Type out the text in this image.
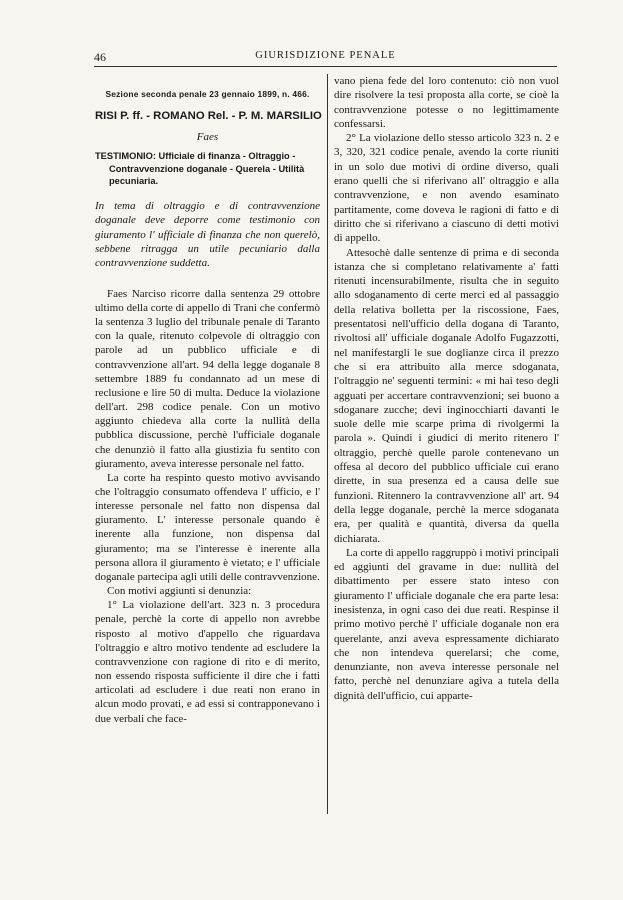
46	GIURISDIZIONE PENALE
Sezione seconda penale 23 gennaio 1899, n. 466.
RISI P. ff. - ROMANO Rel. - P. M. MARSILIO
Faes
TESTIMONIO: Ufficiale di finanza - Oltraggio - Contravvenzione doganale - Querela - Utilità pecuniaria.
In tema di oltraggio e di contravvenzione doganale deve deporre come testimonio con giuramento l' ufficiale di finanza che non querelò, sebbene ritragga un utile pecuniario dalla contravvenzione suddetta.

Faes Narciso ricorre dalla sentenza 29 ottobre ultimo della corte di appello di Trani che confermò la sentenza 3 luglio del tribunale penale di Taranto con la quale, ritenuto colpevole di oltraggio con parole ad un pubblico ufficiale e di contravvenzione all'art. 94 della legge doganale 8 settembre 1889 fu condannato ad un mese di reclusione e lire 50 di multa. Deduce la violazione dell'art. 298 codice penale. Con un motivo aggiunto chiedeva alla corte la nullità della pubblica discussione, perchè l'ufficiale doganale che denunziò il fatto alla giustizia fu sentito con giuramento, aveva interesse personale nel fatto.

La corte ha respinto questo motivo avvisando che l'oltraggio consumato offendeva l' ufficio, e l' interesse personale nel fatto non dispensa dal giuramento. L' interesse personale quando è inerente alla funzione, non dispensa dal giuramento; ma se l'interesse è inerente alla persona allora il giuramento è vietato; e l' ufficiale doganale partecipa agli utili delle contravvenzione.

Con motivi aggiunti si denunzia:

1° La violazione dell'art. 323 n. 3 procedura penale, perchè la corte di appello non avrebbe risposto al motivo d'appello che riguardava l'oltraggio e altro motivo tendente ad escludere la contravvenzione con ragione di rito e di merito, non essendo risposta sufficiente il dire che i fatti articolati ad escludere i due reati non erano in alcun modo provati, e ad essi si contrapponevano i due verbali che face-

vano piena fede del loro contenuto: ciò non vuol dire risolvere la tesi proposta alla corte, se cioè la contravvenzione potesse o no legittimamente confessarsi.

2° La violazione dello stesso articolo 323 n. 2 e 3, 320, 321 codice penale, avendo la corte riuniti in un solo due motivi di ordine diverso, quali erano quelli che si riferivano all' oltraggio e alla contravvenzione, e non avendo esaminato partitamente, come doveva le ragioni di fatto e di diritto che si riferivano a ciascuno di detti motivi di appello.

Attesochè dalle sentenze di prima e di seconda istanza che si completano relativamente a' fatti ritenuti incensurabilmente, risulta che in seguito allo sdoganamento di certe merci ed al passaggio della relativa bolletta per la riscossione, Faes, presentatosi nell'ufficio della dogana di Taranto, rivoltosi all' ufficiale doganale Adolfo Fugazzotti, nel manifestargli le sue doglianze circa il prezzo che si era attribuito alla merce sdoganata, l'oltraggio ne' seguenti termini: « mi hai teso degli agguati per accertare contravvenzioni; sei buono a sdoganare zucche; devi inginocchiarti davanti le suole delle mie scarpe prima di rivolgermi la parola ». Quindi i giudici di merito ritenero l' oltraggio, perchè quelle parole contenevano un offesa al decoro del pubblico ufficiale cui erano dirette, in sua presenza ed a causa delle sue funzioni. Ritennero la contravvenzione all' art. 94 della legge doganale, perchè la merce sdoganata era, per qualità e quantità, diversa da quella dichiarata.

La corte di appello raggruppò i motivi principali ed aggiunti del gravame in due: nullità del dibattimento per essere stato inteso con giuramento l' ufficiale doganale che era parte lesa: inesistenza, in ogni caso dei due reati. Respinse il primo motivo perchè l' ufficiale doganale non era querelante, anzi aveva espressamente dichiarato che non intendeva querelarsi; che come, denunziante, non aveva interesse personale nel fatto, perchè nel denunziare agiva a tutela della dignità dell'ufficio, cui apparte-
